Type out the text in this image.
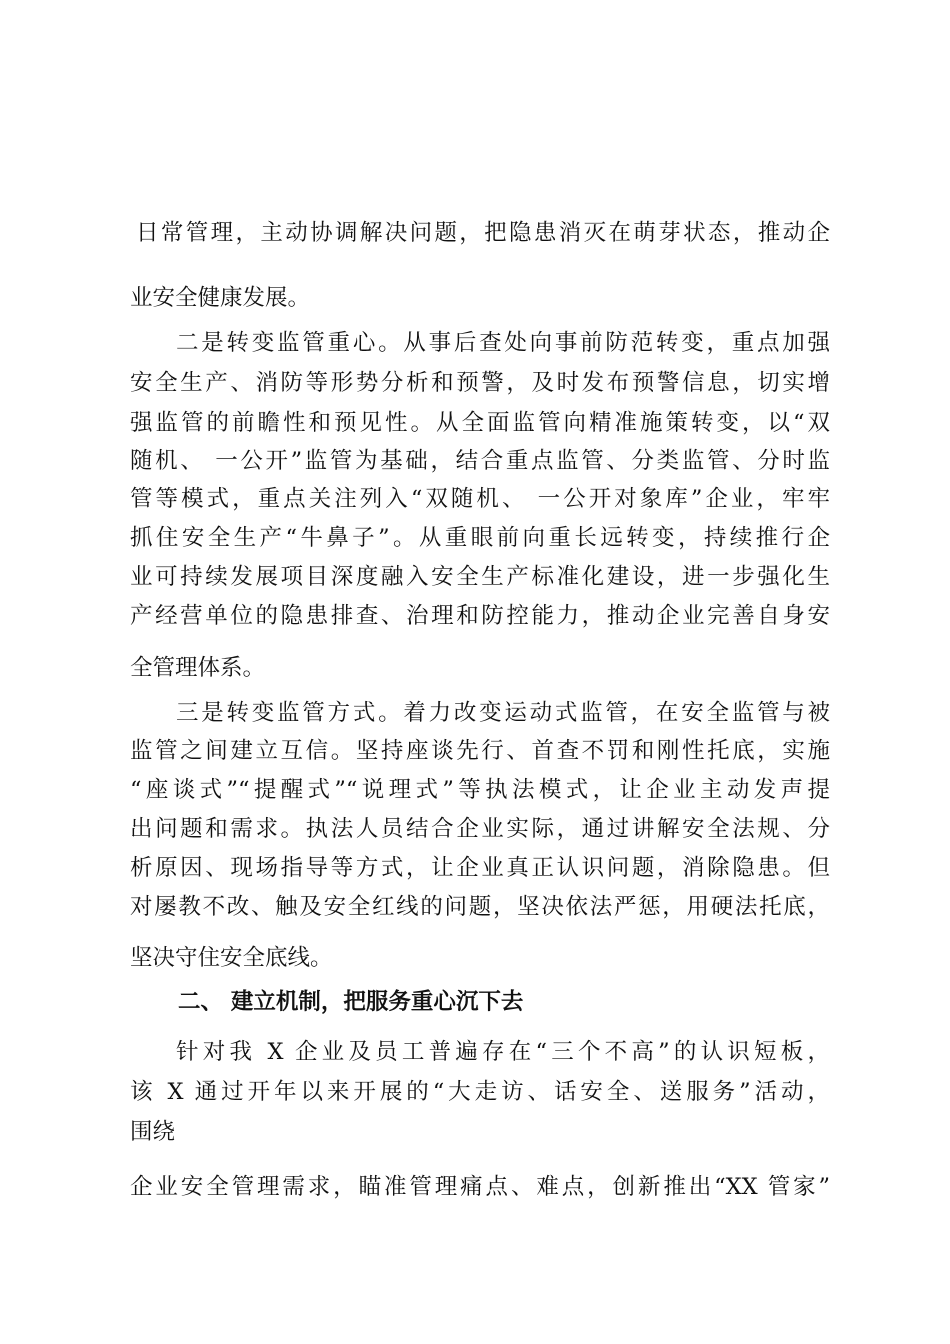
日常管理，主动协调解决问题，把隐患消灭在萌芽状态，推动企
业安全健康发展。
二是转变监管重心。从事后查处向事前防范转变，重点加强
安全生产、消防等形势分析和预警，及时发布预警信息，切实增
强监管的前瞻性和预见性。从全面监管向精准施策转变，以“双
随机、 一公开”监管为基础，结合重点监管、分类监管、分时监
管等模式，重点关注列入“双随机、 一公开对象库”企业，牢牢
抓住安全生产“牛鼻子”。从重眼前向重长远转变，持续推行企
业可持续发展项目深度融入安全生产标准化建设，进一步强化生
产经营单位的隐患排查、治理和防控能力，推动企业完善自身安
全管理体系。
三是转变监管方式。着力改变运动式监管，在安全监管与被
监管之间建立互信。坚持座谈先行、首查不罚和刚性托底，实施
“座谈式”“提醒式”“说理式”等执法模式，让企业主动发声提
出问题和需求。执法人员结合企业实际，通过讲解安全法规、分
析原因、现场指导等方式，让企业真正认识问题，消除隐患。但
对屡教不改、触及安全红线的问题，坚决依法严惩，用硬法托底，
坚决守住安全底线。
二、 建立机制，把服务重心沉下去
针对我 X 企业及员工普遍存在“三个不高”的认识短板，
该 X 通过开年以来开展的“大走访、话安全、送服务”活动，
围绕
企业安全管理需求，瞄准管理痛点、难点，创新推出“XX 管家”
